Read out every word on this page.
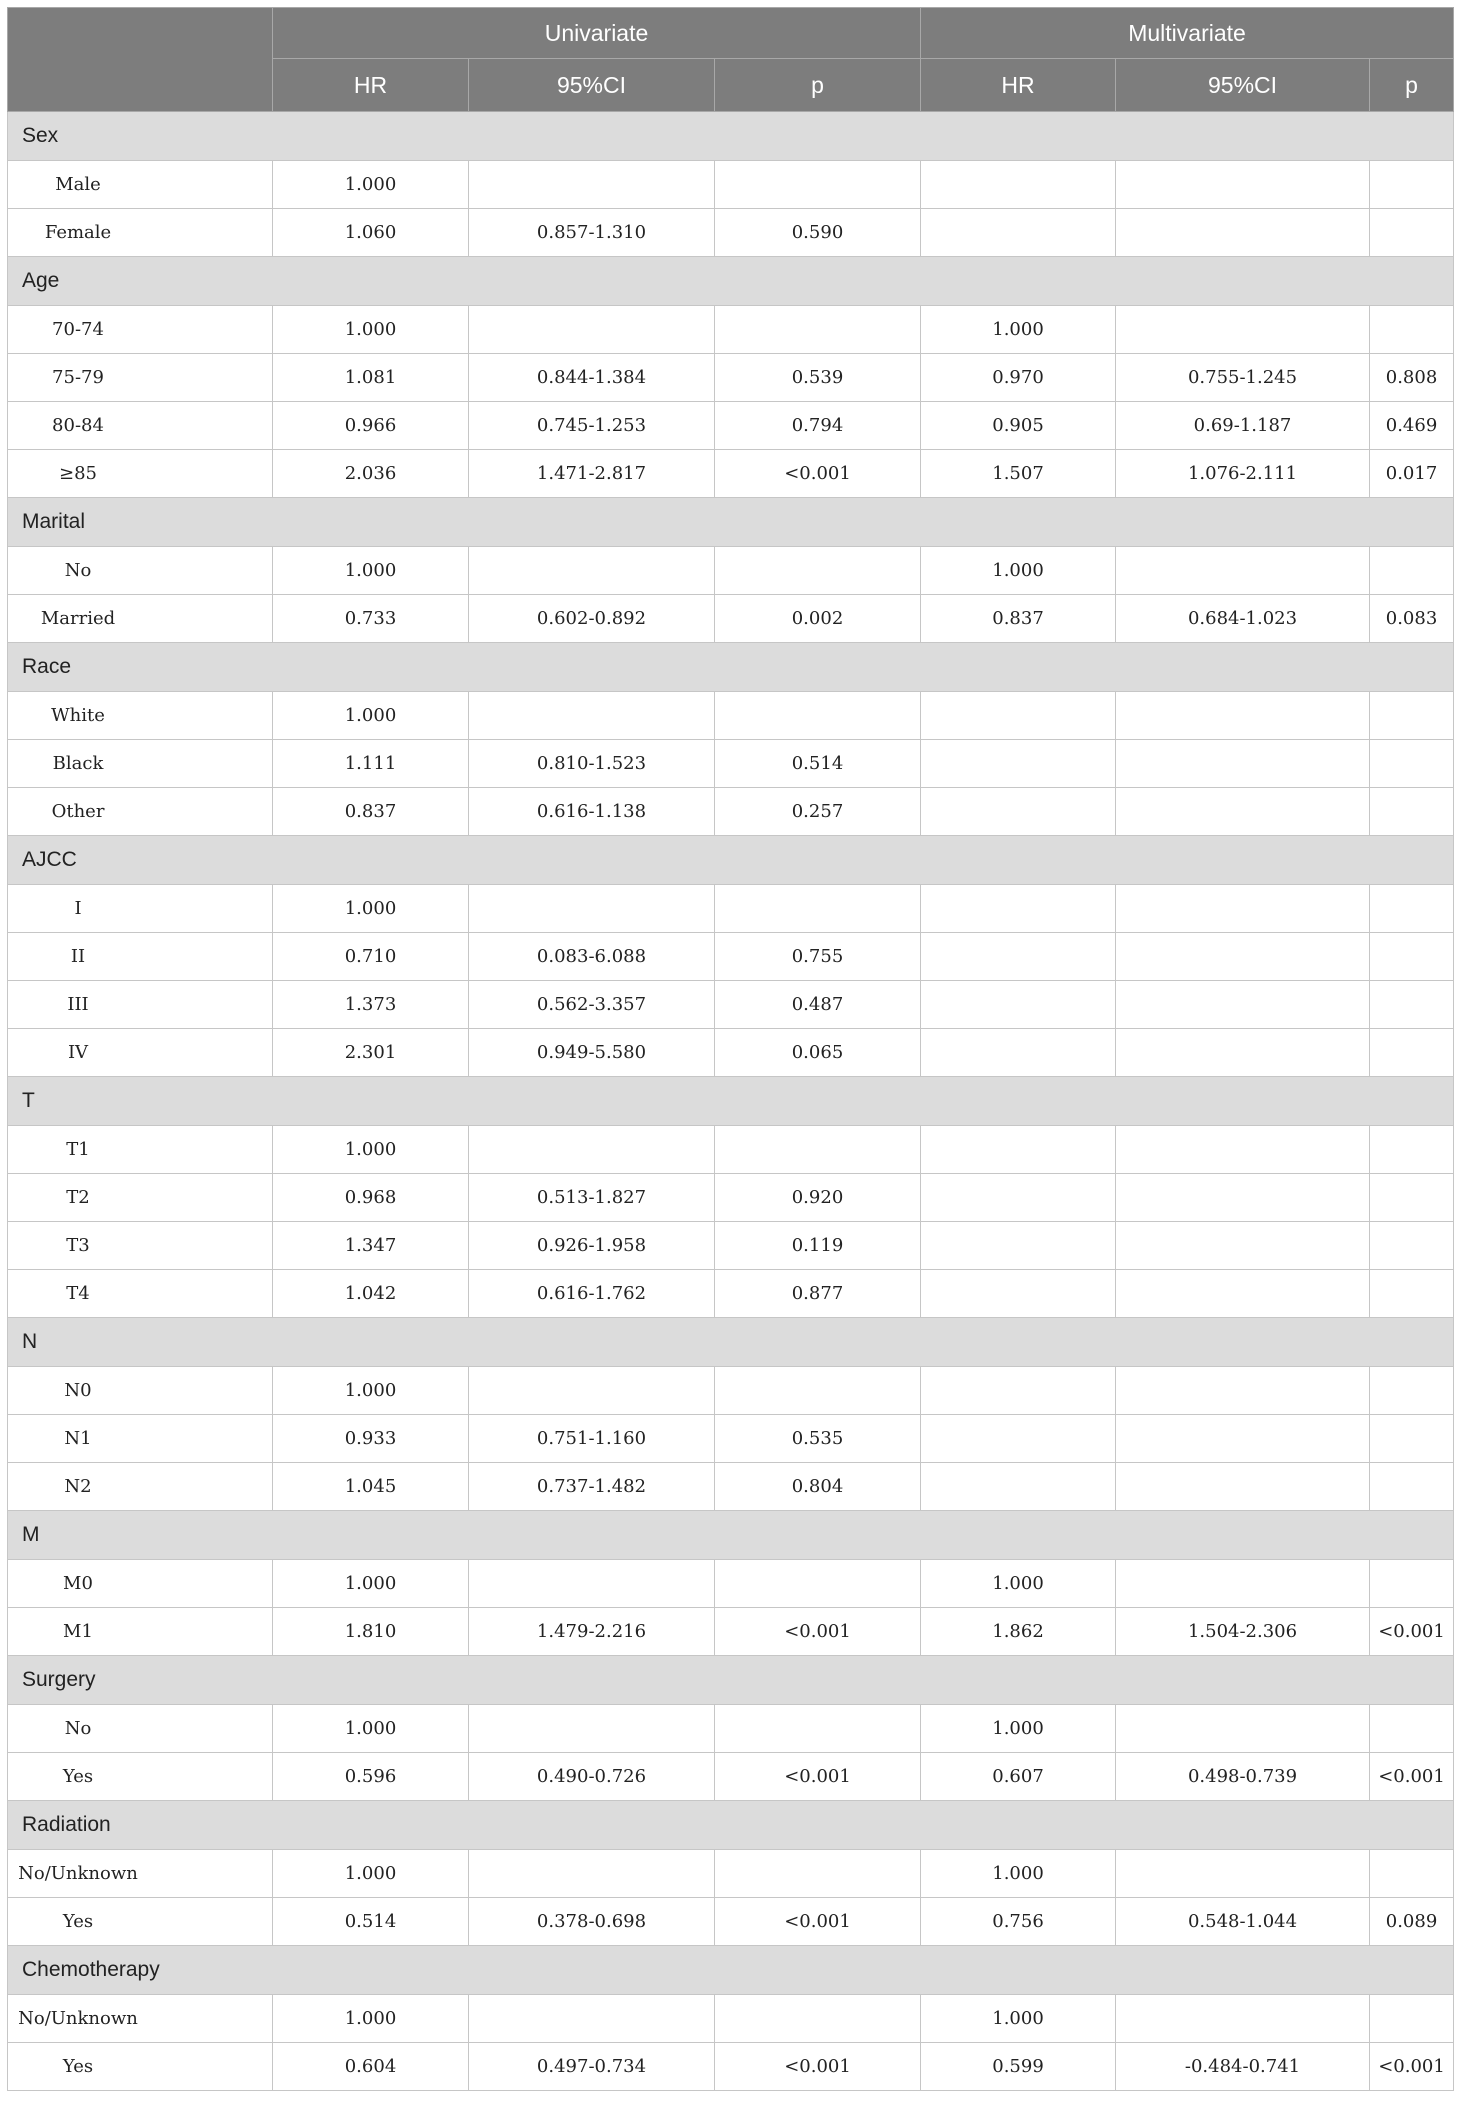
	Univariate			Multivariate		
	HR	95%CI	p	HR	95%CI	p
Sex						

Male	1.000					

Female	1.060	0.857-1.310	0.590			
Age						

70-74	1.000			1.000		

75-79	1.081	0.844-1.384	0.539	0.970	0.755-1.245	0.808

80-84	0.966	0.745-1.253	0.794	0.905	0.69-1.187	0.469

≥85	2.036	1.471-2.817	<0.001	1.507	1.076-2.111	0.017
Marital						

No	1.000			1.000		

Married	0.733	0.602-0.892	0.002	0.837	0.684-1.023	0.083
Race						

White	1.000					

Black	1.111	0.810-1.523	0.514			

Other	0.837	0.616-1.138	0.257			
AJCC						

I	1.000					

II	0.710	0.083-6.088	0.755			

III	1.373	0.562-3.357	0.487			

IV	2.301	0.949-5.580	0.065			
T						

T1	1.000					

T2	0.968	0.513-1.827	0.920			

T3	1.347	0.926-1.958	0.119			

T4	1.042	0.616-1.762	0.877			
N						

N0	1.000					

N1	0.933	0.751-1.160	0.535			

N2	1.045	0.737-1.482	0.804			
M						

M0	1.000			1.000		

M1	1.810	1.479-2.216	<0.001	1.862	1.504-2.306	<0.001
Surgery						

No	1.000			1.000		

Yes	0.596	0.490-0.726	<0.001	0.607	0.498-0.739	<0.001
Radiation						

No/Unknown	1.000			1.000		

Yes	0.514	0.378-0.698	<0.001	0.756	0.548-1.044	0.089
Chemotherapy						

No/Unknown	1.000			1.000		

Yes	0.604	0.497-0.734	<0.001	0.599	-0.484-0.741	<0.001
